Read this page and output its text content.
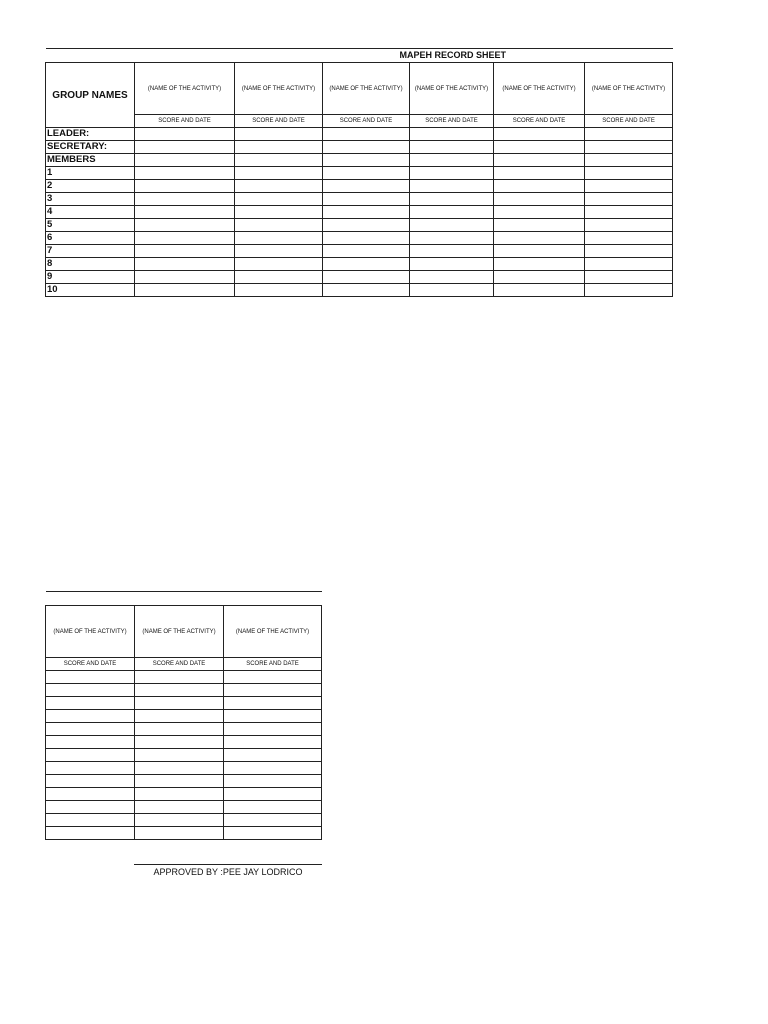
MAPEH RECORD SHEET						
GROUP NAMES	(NAME OF THE ACTIVITY)	(NAME OF THE ACTIVITY)	(NAME OF THE ACTIVITY)	(NAME OF THE ACTIVITY)	(NAME OF THE ACTIVITY)	(NAME OF THE ACTIVITY)
	SCORE AND DATE	SCORE AND DATE	SCORE AND DATE	SCORE AND DATE	SCORE AND DATE	SCORE AND DATE
LEADER:						
SECRETARY:						
MEMBERS						
1						
2						
3						
4						
5						
6						
7						
8						
9						
10						

(NAME OF THE ACTIVITY)	(NAME OF THE ACTIVITY)	(NAME OF THE ACTIVITY)
SCORE AND DATE	SCORE AND DATE	SCORE AND DATE

APPROVED BY :PEE JAY LODRICO
